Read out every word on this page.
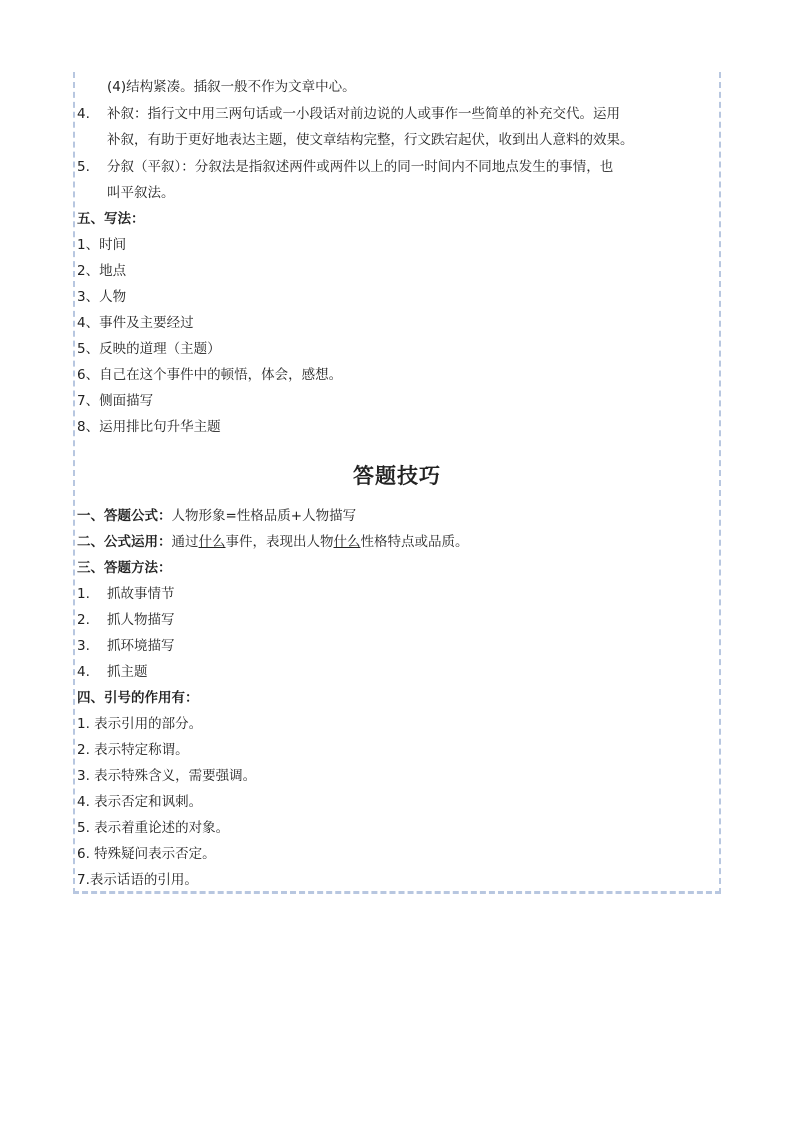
(4)结构紧凑。插叙一般不作为文章中心。
4. 补叙：指行文中用三两句话或一小段话对前边说的人或事作一些简单的补充交代。运用
补叙，有助于更好地表达主题，使文章结构完整，行文跌宕起伏，收到出人意料的效果。
5. 分叙（平叙）：分叙法是指叙述两件或两件以上的同一时间内不同地点发生的事情，也
叫平叙法。
五、写法：
1、时间
2、地点
3、人物
4、事件及主要经过
5、反映的道理（主题）
6、自己在这个事件中的顿悟，体会，感想。
7、侧面描写
8、运用排比句升华主题
答题技巧
一、答题公式：人物形象=性格品质+人物描写
二、公式运用：通过什么事件，表现出人物什么性格特点或品质。
三、答题方法：
1. 抓故事情节
2. 抓人物描写
3. 抓环境描写
4. 抓主题
四、引号的作用有：
1. 表示引用的部分。
2. 表示特定称谓。
3. 表示特殊含义，需要强调。
4. 表示否定和讽刺。
5. 表示着重论述的对象。
6. 特殊疑问表示否定。
7.表示话语的引用。
